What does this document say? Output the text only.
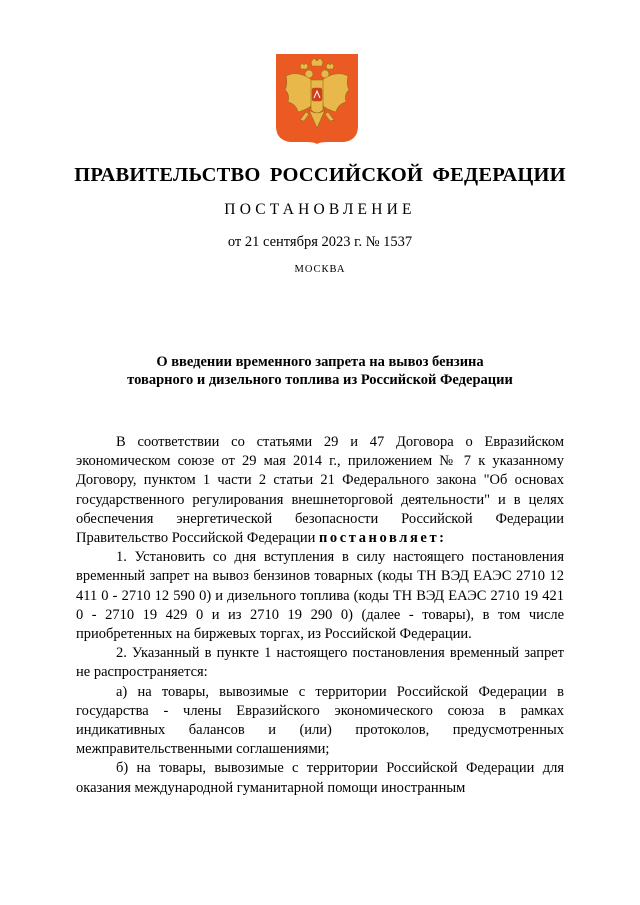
ПРАВИТЕЛЬСТВО РОССИЙСКОЙ ФЕДЕРАЦИИ
ПОСТАНОВЛЕНИЕ
от 21 сентября 2023 г. № 1537
МОСКВА
О введении временного запрета на вывоз бензина
товарного и дизельного топлива из Российской Федерации

В соответствии со статьями 29 и 47 Договора о Евразийском экономическом союзе от 29 мая 2014 г., приложением № 7 к указанному Договору, пунктом 1 части 2 статьи 21 Федерального закона "Об основах государственного регулирования внешнеторговой деятельности" и в целях обеспечения энергетической безопасности Российской Федерации Правительство Российской Федерации постановляет:

1. Установить со дня вступления в силу настоящего постановления временный запрет на вывоз бензинов товарных (коды ТН ВЭД ЕАЭС 2710 12 411 0 - 2710 12 590 0) и дизельного топлива (коды ТН ВЭД ЕАЭС 2710 19 421 0 - 2710 19 429 0 и из 2710 19 290 0) (далее - товары), в том числе приобретенных на биржевых торгах, из Российской Федерации.

2. Указанный в пункте 1 настоящего постановления временный запрет не распространяется:

а) на товары, вывозимые с территории Российской Федерации в государства - члены Евразийского экономического союза в рамках индикативных балансов и (или) протоколов, предусмотренных межправительственными соглашениями;

б) на товары, вывозимые с территории Российской Федерации для оказания международной гуманитарной помощи иностранным
